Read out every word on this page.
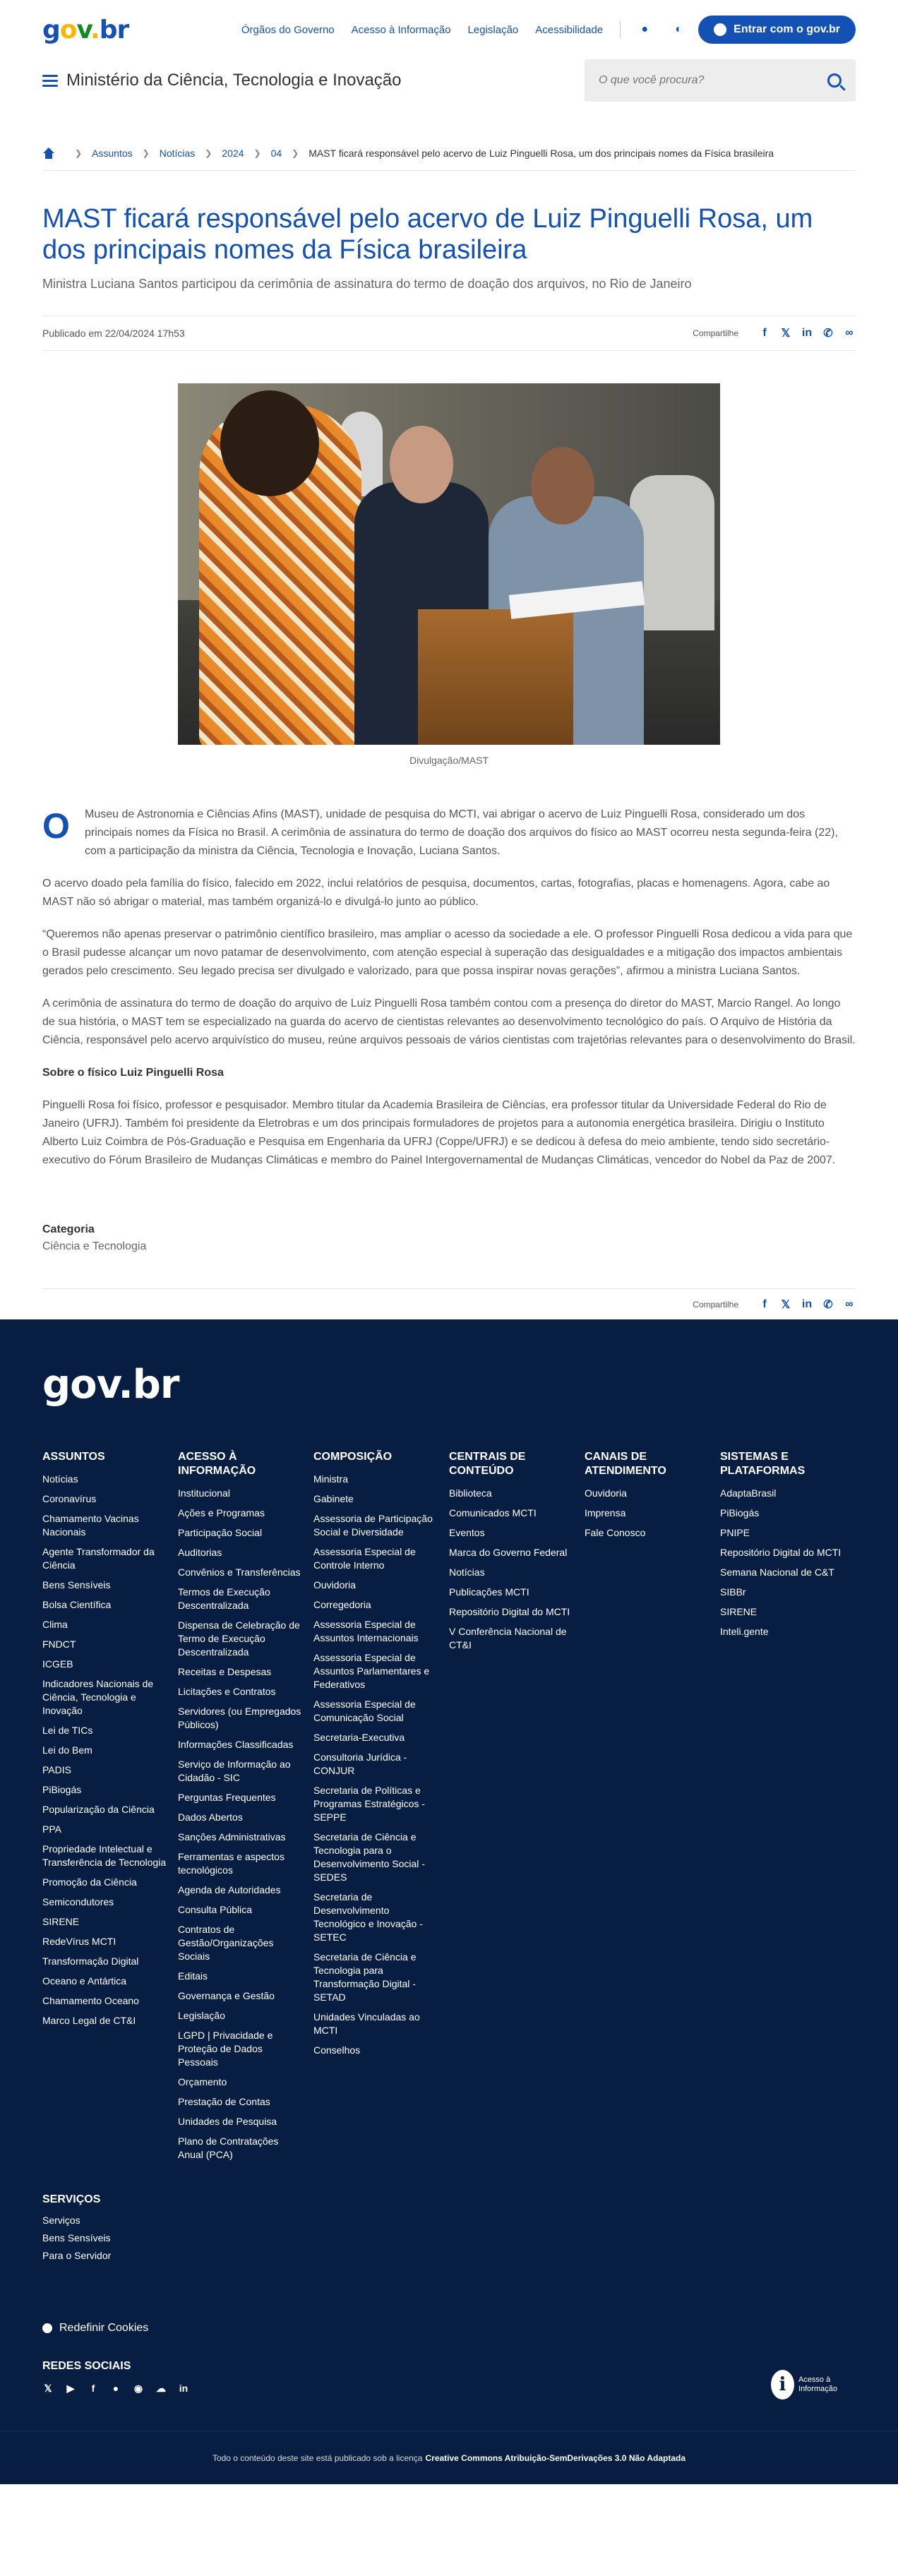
gov.br	Órgãos do Governo Acesso à Informação Legislação Acessibilidade	●	◐	Entrar com o gov.br
Ministério da Ciência, Tecnologia e Inovação
O que você procura?
❯ Assuntos ❯ Notícias ❯ 2024 ❯ 04 ❯ MAST ficará responsável pelo acervo de Luiz Pinguelli Rosa, um dos principais nomes da Física brasileira
MAST ficará responsável pelo acervo de Luiz Pinguelli Rosa, um dos principais nomes da Física brasileira
Ministra Luciana Santos participou da cerimônia de assinatura do termo de doação dos arquivos, no Rio de Janeiro
Publicado em 22/04/2024 17h53	Compartilhe	f	𝕏 in ✆ ∞
Divulgação/MAST
O	Museu de Astronomia e Ciências Afins (MAST), unidade de pesquisa do MCTI, vai abrigar o acervo de Luiz Pinguelli Rosa, considerado um dos principais nomes da Física no Brasil. A cerimônia de assinatura do termo de doação dos arquivos do físico ao MAST ocorreu nesta segunda-feira (22), com a participação da ministra da Ciência, Tecnologia e Inovação, Luciana Santos.

O acervo doado pela família do físico, falecido em 2022, inclui relatórios de pesquisa, documentos, cartas, fotografias, placas e homenagens. Agora, cabe ao MAST não só abrigar o material, mas também organizá-lo e divulgá-lo junto ao público.

“Queremos não apenas preservar o patrimônio científico brasileiro, mas ampliar o acesso da sociedade a ele. O professor Pinguelli Rosa dedicou a vida para que o Brasil pudesse alcançar um novo patamar de desenvolvimento, com atenção especial à superação das desigualdades e a mitigação dos impactos ambientais gerados pelo crescimento. Seu legado precisa ser divulgado e valorizado, para que possa inspirar novas gerações”, afirmou a ministra Luciana Santos.

A cerimônia de assinatura do termo de doação do arquivo de Luiz Pinguelli Rosa também contou com a presença do diretor do MAST, Marcio Rangel. Ao longo de sua história, o MAST tem se especializado na guarda do acervo de cientistas relevantes ao desenvolvimento tecnológico do país. O Arquivo de História da Ciência, responsável pelo acervo arquivístico do museu, reúne arquivos pessoais de vários cientistas com trajetórias relevantes para o desenvolvimento do Brasil.

Sobre o físico Luiz Pinguelli Rosa

Pinguelli Rosa foi físico, professor e pesquisador. Membro titular da Academia Brasileira de Ciências, era professor titular da Universidade Federal do Rio de Janeiro (UFRJ). Também foi presidente da Eletrobras e um dos principais formuladores de projetos para a autonomia energética brasileira. Dirigiu o Instituto Alberto Luiz Coimbra de Pós-Graduação e Pesquisa em Engenharia da UFRJ (Coppe/UFRJ) e se dedicou à defesa do meio ambiente, tendo sido secretário-executivo do Fórum Brasileiro de Mudanças Climáticas e membro do Painel Intergovernamental de Mudanças Climáticas, vencedor do Nobel da Paz de 2007.

Categoria
Ciência e Tecnologia
Compartilhe	f	𝕏 in ✆ ∞
gov.br
ASSUNTOS
Notícias
Coronavírus
Chamamento Vacinas Nacionais
Agente Transformador da Ciência
Bens Sensíveis
Bolsa Científica
Clima
FNDCT
ICGEB
Indicadores Nacionais de Ciência, Tecnologia e Inovação
Lei de TICs
Lei do Bem
PADIS
PiBiogás
Popularização da Ciência
PPA
Propriedade Intelectual e Transferência de Tecnologia
Promoção da Ciência
Semicondutores
SIRENE
RedeVírus MCTI
Transformação Digital
Oceano e Antártica
Chamamento Oceano
Marco Legal de CT&I
ACESSO À INFORMAÇÃO
Institucional
Ações e Programas
Participação Social
Auditorias
Convênios e Transferências
Termos de Execução Descentralizada
Dispensa de Celebração de Termo de Execução Descentralizada
Receitas e Despesas
Licitações e Contratos
Servidores (ou Empregados Públicos)
Informações Classificadas
Serviço de Informação ao Cidadão - SIC
Perguntas Frequentes
Dados Abertos
Sanções Administrativas
Ferramentas e aspectos tecnológicos
Agenda de Autoridades
Consulta Pública
Contratos de Gestão/Organizações Sociais
Editais
Governança e Gestão
Legislação
LGPD | Privacidade e Proteção de Dados Pessoais
Orçamento
Prestação de Contas
Unidades de Pesquisa
Plano de Contratações Anual (PCA)
COMPOSIÇÃO
Ministra
Gabinete
Assessoria de Participação Social e Diversidade
Assessoria Especial de Controle Interno
Ouvidoria
Corregedoria
Assessoria Especial de Assuntos Internacionais
Assessoria Especial de Assuntos Parlamentares e Federativos
Assessoria Especial de Comunicação Social
Secretaria-Executiva
Consultoria Jurídica - CONJUR
Secretaria de Políticas e Programas Estratégicos - SEPPE
Secretaria de Ciência e Tecnologia para o Desenvolvimento Social - SEDES
Secretaria de Desenvolvimento Tecnológico e Inovação - SETEC
Secretaria de Ciência e Tecnologia para Transformação Digital - SETAD
Unidades Vinculadas ao MCTI
Conselhos
CENTRAIS DE CONTEÚDO
Biblioteca
Comunicados MCTI
Eventos
Marca do Governo Federal
Notícias
Publicações MCTI
Repositório Digital do MCTI
V Conferência Nacional de CT&I
CANAIS DE ATENDIMENTO
Ouvidoria
Imprensa
Fale Conosco
SISTEMAS E PLATAFORMAS
AdaptaBrasil
PiBiogás
PNIPE
Repositório Digital do MCTI
Semana Nacional de C&T
SIBBr
SIRENE
Inteli.gente
SERVIÇOS
Serviços
Bens Sensíveis
Para o Servidor
Redefinir Cookies
REDES SOCIAIS
𝕏 ▶	f	● ◉ ☁ in	i	Acesso à Informação
Todo o conteúdo deste site está publicado sob a licença Creative Commons Atribuição-SemDerivações 3.0 Não Adaptada
